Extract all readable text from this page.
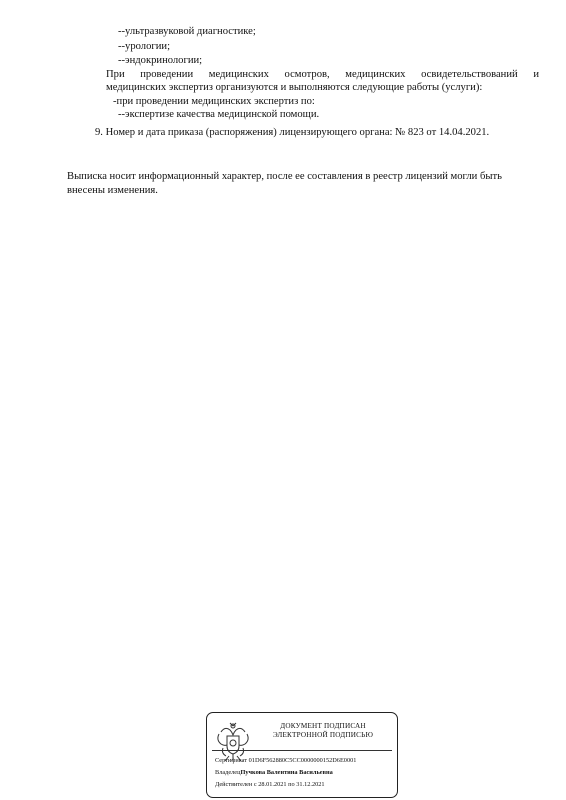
--ультразвуковой диагностике;
--урологии;
--эндокринологии;
При проведении медицинских осмотров, медицинских освидетельствований и
медицинских экспертиз организуются и выполняются следующие работы (услуги):
-при проведении медицинских экспертиз по:
--экспертизе качества медицинской помощи.
9. Номер и дата приказа (распоряжения) лицензирующего органа: № 823 от 14.04.2021.
Выписка носит информационный характер, после ее составления в реестр лицензий могли быть
внесены изменения.
ДОКУМЕНТ ПОДПИСАН
ЭЛЕКТРОННОЙ ПОДПИСЬЮ
Сертификат 01D6F562880C5CC0000000152D6E0001
ВладелецПучкова Валентина Васильевна
Действителен с 28.01.2021 по 31.12.2021
